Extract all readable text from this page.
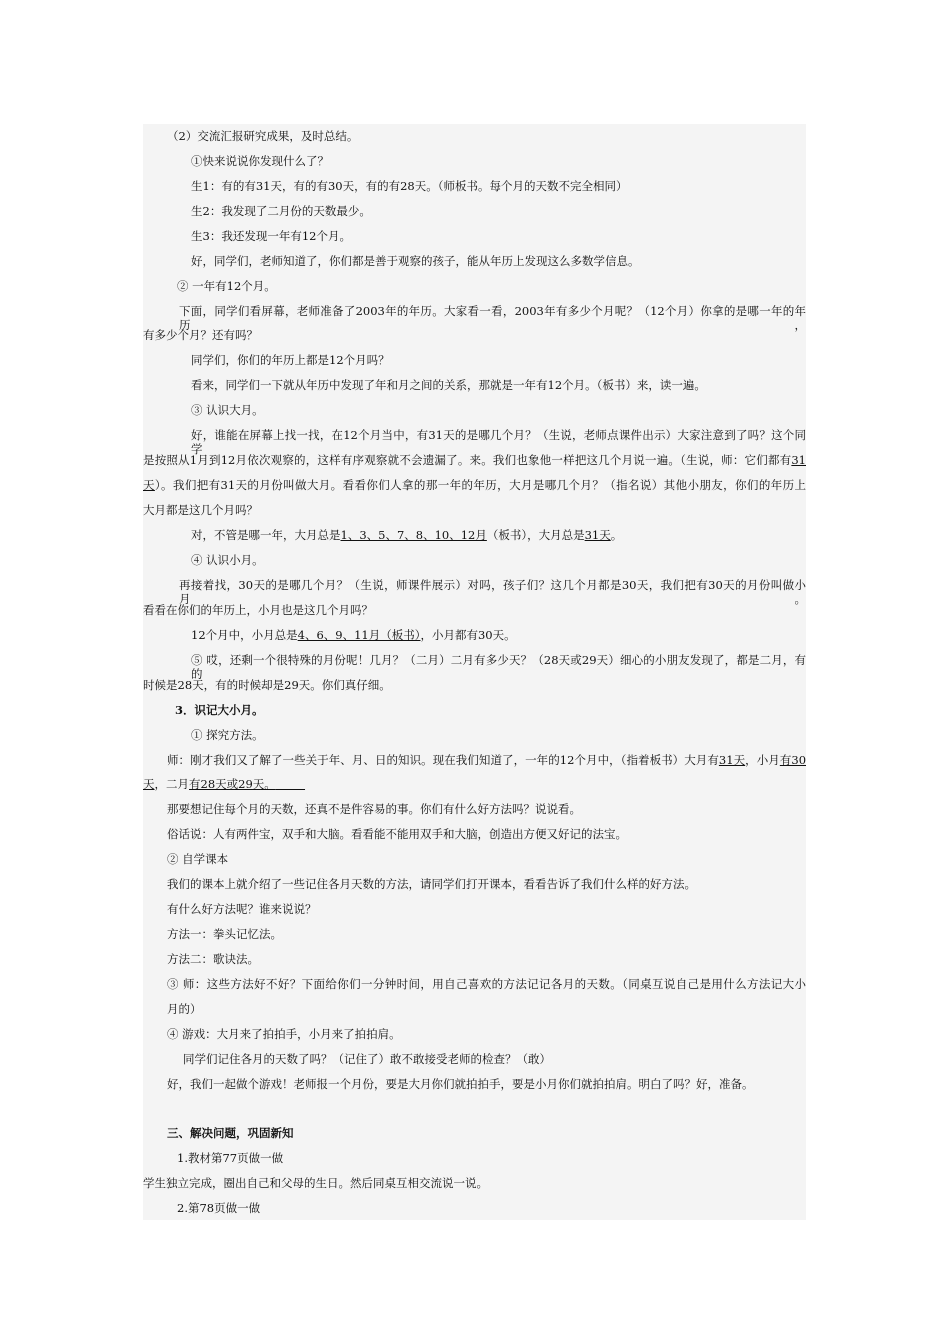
（2）交流汇报研究成果，及时总结。
①快来说说你发现什么了？
生1：有的有31天，有的有30天，有的有28天。（师板书。每个月的天数不完全相同）
生2：我发现了二月份的天数最少。
生3：我还发现一年有12个月。
好，同学们，老师知道了，你们都是善于观察的孩子，能从年历上发现这么多数学信息。
② 一年有12个月。
下面，同学们看屏幕，老师准备了2003年的年历。大家看一看，2003年有多少个月呢？（12个月）你拿的是哪一年的年历，
有多少个月？还有吗？
同学们，你们的年历上都是12个月吗？
看来，同学们一下就从年历中发现了年和月之间的关系，那就是一年有12个月。（板书）来，读一遍。
③ 认识大月。
好，谁能在屏幕上找一找，在12个月当中，有31天的是哪几个月？（生说，老师点课件出示）大家注意到了吗？这个同学
是按照从1月到12月依次观察的，这样有序观察就不会遗漏了。来。我们也象他一样把这几个月说一遍。（生说，师：它们都有31
天）。我们把有31天的月份叫做大月。看看你们人拿的那一年的年历，大月是哪几个月？（指名说）其他小朋友，你们的年历上
大月都是这几个月吗？
对，不管是哪一年，大月总是1、3、5、7、8、10、12月（板书），大月总是31天。
④ 认识小月。
再接着找，30天的是哪几个月？（生说，师课件展示）对吗，孩子们？这几个月都是30天，我们把有30天的月份叫做小月。
看看在你们的年历上，小月也是这几个月吗？
12个月中，小月总是4、6、9、11月（板书），小月都有30天。
⑤ 哎，还剩一个很特殊的月份呢！几月？（二月）二月有多少天？（28天或29天）细心的小朋友发现了，都是二月，有的
时候是28天，有的时候却是29天。你们真仔细。
3．识记大小月。
① 探究方法。
师：刚才我们又了解了一些关于年、月、日的知识。现在我们知道了，一年的12个月中，（指着板书）大月有31天，小月有30
天，二月有28天或29天。
那要想记住每个月的天数，还真不是件容易的事。你们有什么好方法吗？说说看。
俗话说：人有两件宝，双手和大脑。看看能不能用双手和大脑，创造出方便又好记的法宝。
② 自学课本
我们的课本上就介绍了一些记住各月天数的方法，请同学们打开课本，看看告诉了我们什么样的好方法。
有什么好方法呢？谁来说说？
方法一：拳头记忆法。
方法二：歌诀法。
③ 师：这些方法好不好？下面给你们一分钟时间，用自己喜欢的方法记记各月的天数。（同桌互说自己是用什么方法记大小
月的）
④ 游戏：大月来了拍拍手，小月来了拍拍肩。
同学们记住各月的天数了吗？（记住了）敢不敢接受老师的检查？（敢）
好，我们一起做个游戏！老师报一个月份，要是大月你们就拍拍手，要是小月你们就拍拍肩。明白了吗？好，准备。
三、解决问题，巩固新知
1.教材第77页做一做
学生独立完成，圈出自己和父母的生日。然后同桌互相交流说一说。
2.第78页做一做
